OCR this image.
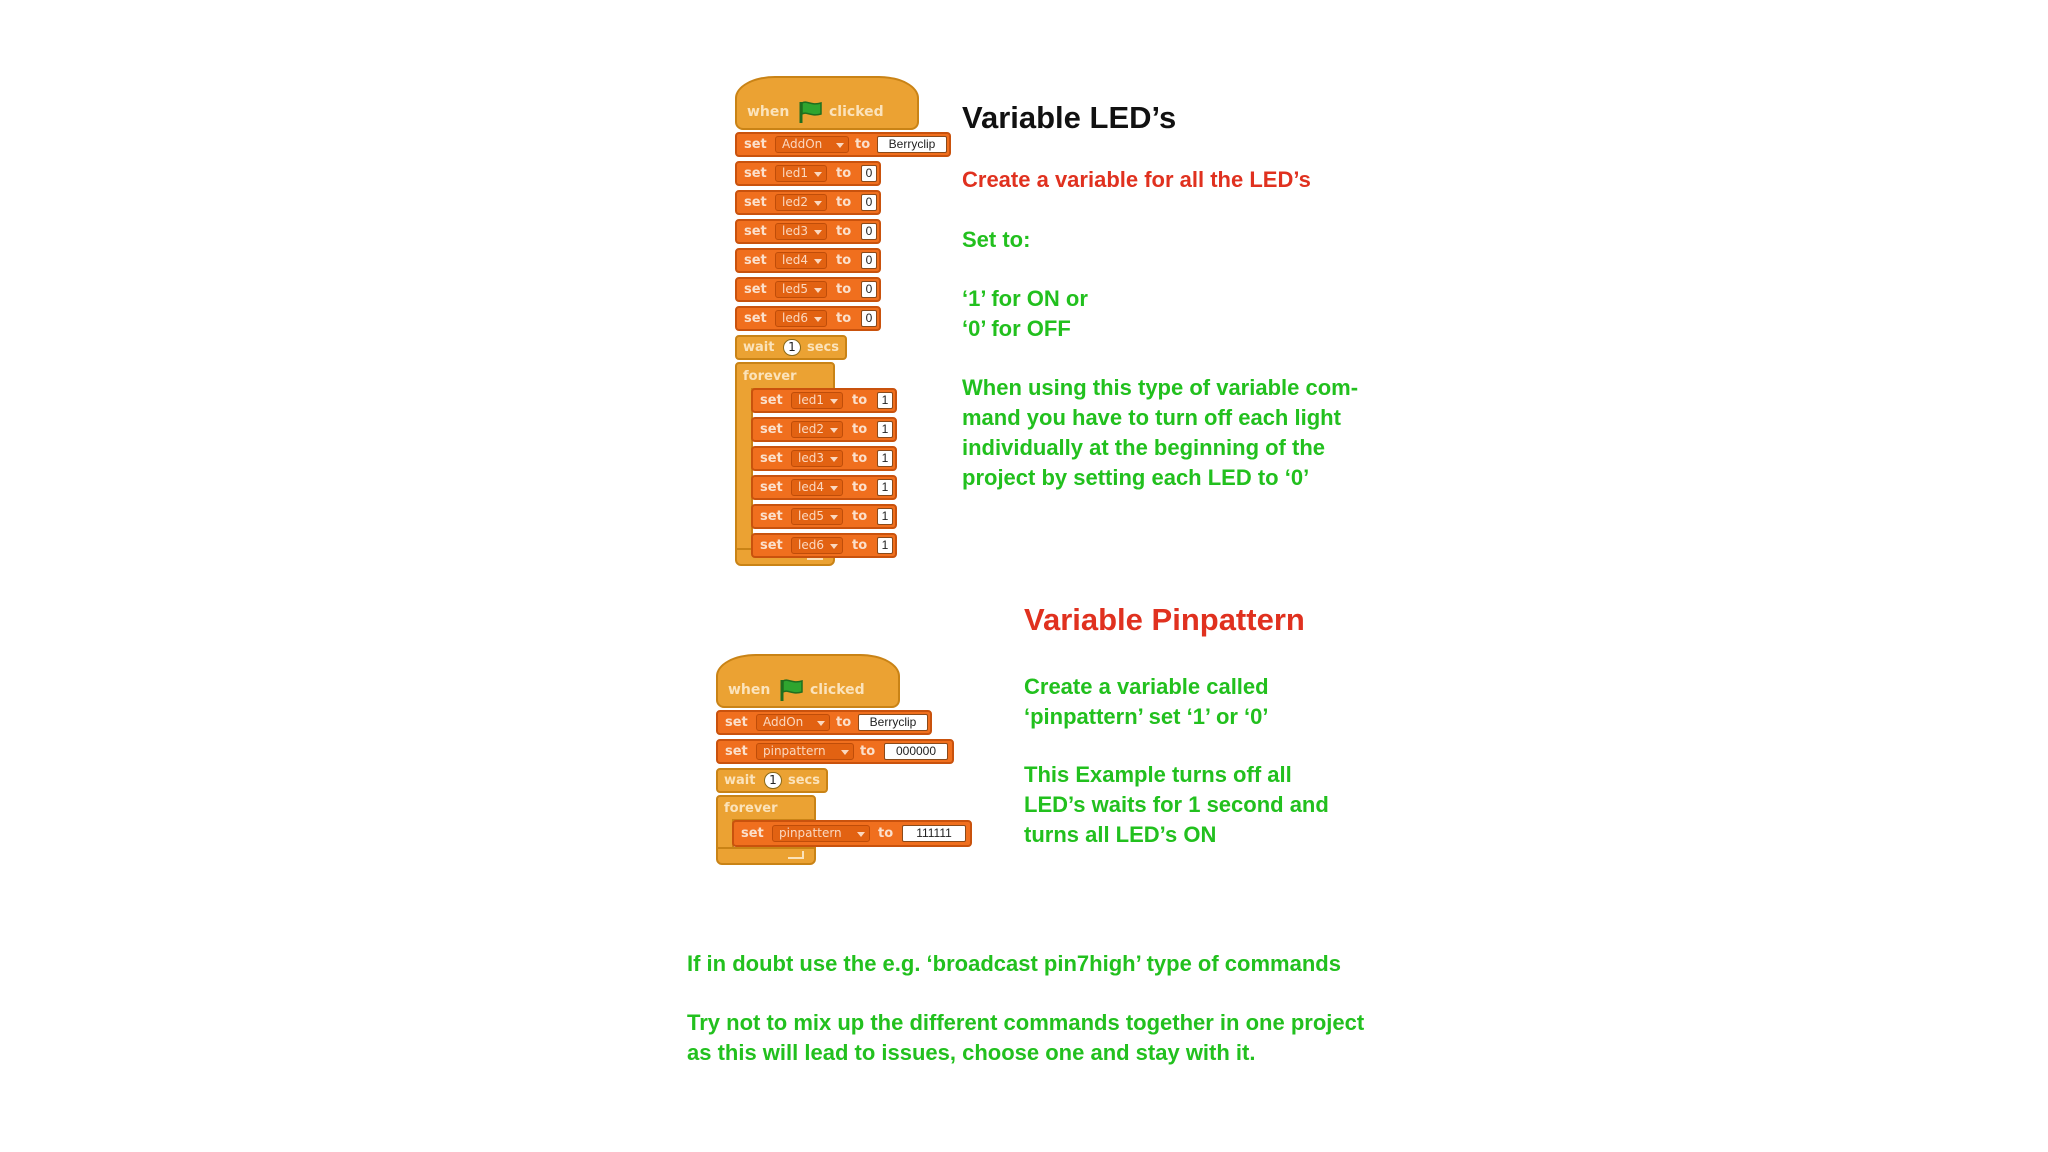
when	clicked
set	AddOn	to	Berryclip
set	led1	to	0
set	led2	to	0
set	led3	to	0
set	led4	to	0
set	led5	to	0
set	led6	to	0
wait	1 secs
forever
set	led1	to	1
set	led2	to	1
set	led3	to	1
set	led4	to	1
set	led5	to	1
set	led6	to	1
Variable LED’s
Create a variable for all the LED’s
Set to:
‘1’ for ON or
‘0’ for OFF
When using this type of variable com-
mand you have to turn off each light
individually at the beginning of the
project by setting each LED to ‘0’
when	clicked
set	AddOn	to	Berryclip
set	pinpattern	to	000000
wait	1 secs
forever
set	pinpattern	to	111111
Variable Pinpattern
Create a variable called
‘pinpattern’ set ‘1’ or ‘0’
This Example turns off all
LED’s waits for 1 second and
turns all LED’s ON
If in doubt use the e.g. ‘broadcast pin7high’ type of commands
Try not to mix up the different commands together in one project
as this will lead to issues, choose one and stay with it.
